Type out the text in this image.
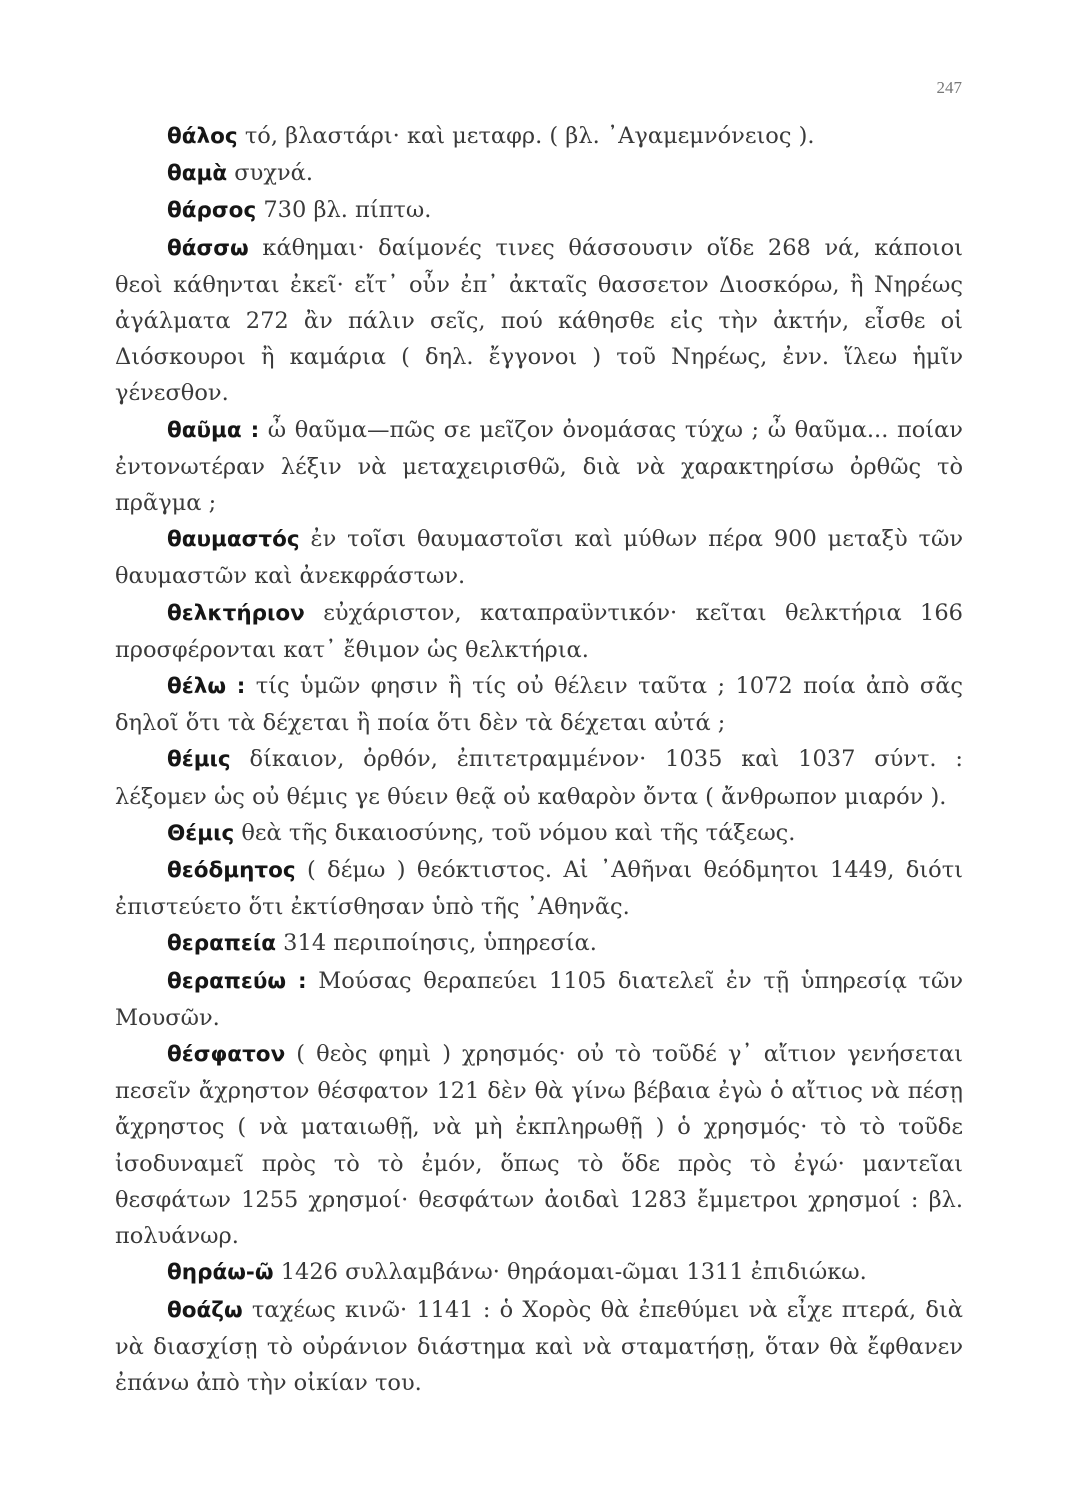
247

θάλος τό, βλαστάρι· καὶ μεταφρ. ( βλ. ᾽Αγαμεμνόνειος ).

θαμὰ συχνά.

θάρσος 730 βλ. πίπτω.

θάσσω κάθημαι· δαίμονές τινες θάσσουσιν οἵδε 268 νά, κάποιοι θεοὶ κάθηνται ἐκεῖ· εἴτ᾽ οὖν ἐπ᾽ ἀκταῖς θασσετον Διοσκόρω, ἢ Νηρέως ἀγάλματα 272 ἂν πάλιν σεῖς, πού κάθησθε εἰς τὴν ἀκτήν, εἶσθε οἱ Διόσκουροι ἢ καμάρια ( δηλ. ἔγγονοι ) τοῦ Νηρέως, ἐνν. ἵλεω ἡμῖν γένεσθον.

θαῦμα : ὦ θαῦμα—πῶς σε μεῖζον ὀνομάσας τύχω ; ὦ θαῦμα... ποίαν ἐντονωτέραν λέξιν νὰ μεταχειρισθῶ, διὰ νὰ χαρακτηρίσω ὀρθῶς τὸ πρᾶγμα ;

θαυμαστός ἐν τοῖσι θαυμαστοῖσι καὶ μύθων πέρα 900 μεταξὺ τῶν θαυμαστῶν καὶ ἀνεκφράστων.

θελκτήριον εὐχάριστον, καταπραϋντικόν· κεῖται θελκτήρια 166 προσφέρονται κατ᾽ ἔθιμον ὡς θελκτήρια.

θέλω : τίς ὑμῶν φησιν ἢ τίς οὐ θέλειν ταῦτα ; 1072 ποία ἀπὸ σᾶς δηλοῖ ὅτι τὰ δέχεται ἢ ποία ὅτι δὲν τὰ δέχεται αὐτά ;

θέμις δίκαιον, ὀρθόν, ἐπιτετραμμένον· 1035 καὶ 1037 σύντ. : λέξομεν ὡς οὐ θέμις γε θύειν θεᾷ οὐ καθαρὸν ὄντα ( ἄνθρωπον μιαρόν ).

Θέμις θεὰ τῆς δικαιοσύνης, τοῦ νόμου καὶ τῆς τάξεως.

θεόδμητος ( δέμω ) θεόκτιστος. Αἱ ᾽Αθῆναι θεόδμητοι 1449, διότι ἐπιστεύετο ὅτι ἐκτίσθησαν ὑπὸ τῆς ᾽Αθηνᾶς.

θεραπεία 314 περιποίησις, ὑπηρεσία.

θεραπεύω : Μούσας θεραπεύει 1105 διατελεῖ ἐν τῇ ὑπηρεσίᾳ τῶν Μουσῶν.

θέσφατον ( θεὸς φημὶ ) χρησμός· οὐ τὸ τοῦδέ γ᾽ αἴτιον γενήσεται πεσεῖν ἄχρηστον θέσφατον 121 δὲν θὰ γίνω βέβαια ἐγὼ ὁ αἴτιος νὰ πέσῃ ἄχρηστος ( νὰ ματαιωθῇ, νὰ μὴ ἐκπληρωθῇ ) ὁ χρησμός· τὸ τὸ τοῦδε ἰσοδυναμεῖ πρὸς τὸ τὸ ἐμόν, ὅπως τὸ ὅδε πρὸς τὸ ἐγώ· μαντεῖαι θεσφάτων 1255 χρησμοί· θεσφάτων ἀοιδαὶ 1283 ἔμμετροι χρησμοί : βλ. πολυάνωρ.

θηράω-ῶ 1426 συλλαμβάνω· θηράομαι-ῶμαι 1311 ἐπιδιώκω.

θοάζω ταχέως κινῶ· 1141 : ὁ Χορὸς θὰ ἐπεθύμει νὰ εἶχε πτερά, διὰ νὰ διασχίσῃ τὸ οὐράνιον διάστημα καὶ νὰ σταματήσῃ, ὅταν θὰ ἔφθανεν ἐπάνω ἀπὸ τὴν οἰκίαν του.
